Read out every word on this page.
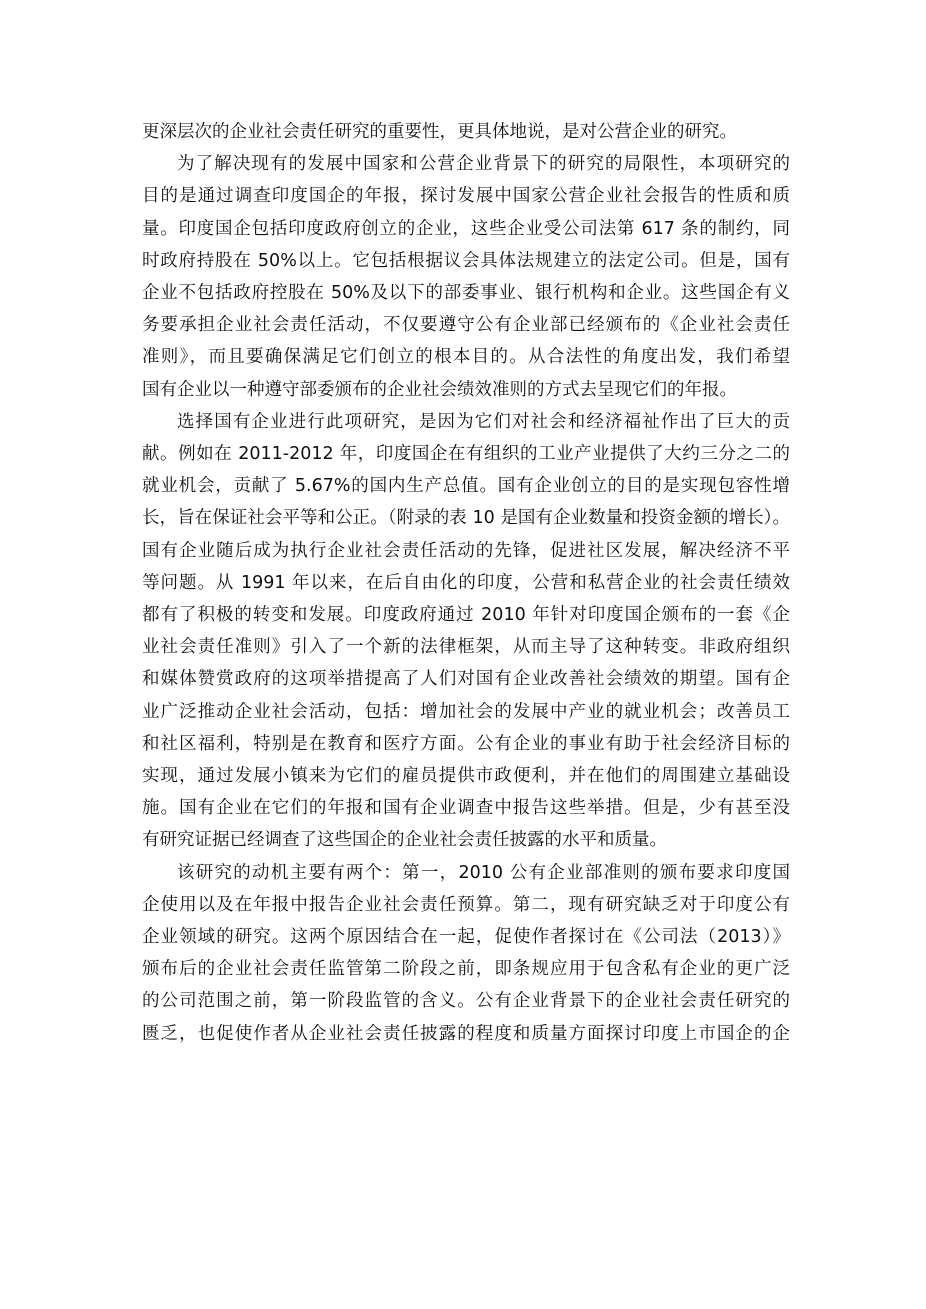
更深层次的企业社会责任研究的重要性，更具体地说，是对公营企业的研究。

为了解决现有的发展中国家和公营企业背景下的研究的局限性，本项研究的
目的是通过调查印度国企的年报，探讨发展中国家公营企业社会报告的性质和质
量。印度国企包括印度政府创立的企业，这些企业受公司法第 617 条的制约，同
时政府持股在 50%以上。它包括根据议会具体法规建立的法定公司。但是，国有
企业不包括政府控股在 50%及以下的部委事业、银行机构和企业。这些国企有义
务要承担企业社会责任活动，不仅要遵守公有企业部已经颁布的《企业社会责任
准则》，而且要确保满足它们创立的根本目的。从合法性的角度出发，我们希望
国有企业以一种遵守部委颁布的企业社会绩效准则的方式去呈现它们的年报。

选择国有企业进行此项研究，是因为它们对社会和经济福祉作出了巨大的贡
献。例如在 2011-2012 年，印度国企在有组织的工业产业提供了大约三分之二的
就业机会，贡献了 5.67%的国内生产总值。国有企业创立的目的是实现包容性增
长，旨在保证社会平等和公正。（附录的表 10 是国有企业数量和投资金额的增长）。
国有企业随后成为执行企业社会责任活动的先锋，促进社区发展，解决经济不平
等问题。从 1991 年以来，在后自由化的印度，公营和私营企业的社会责任绩效
都有了积极的转变和发展。印度政府通过 2010 年针对印度国企颁布的一套《企
业社会责任准则》引入了一个新的法律框架，从而主导了这种转变。非政府组织
和媒体赞赏政府的这项举措提高了人们对国有企业改善社会绩效的期望。国有企
业广泛推动企业社会活动，包括：增加社会的发展中产业的就业机会；改善员工
和社区福利，特别是在教育和医疗方面。公有企业的事业有助于社会经济目标的
实现，通过发展小镇来为它们的雇员提供市政便利，并在他们的周围建立基础设
施。国有企业在它们的年报和国有企业调查中报告这些举措。但是，少有甚至没
有研究证据已经调查了这些国企的企业社会责任披露的水平和质量。

该研究的动机主要有两个：第一，2010 公有企业部准则的颁布要求印度国
企使用以及在年报中报告企业社会责任预算。第二，现有研究缺乏对于印度公有
企业领域的研究。这两个原因结合在一起，促使作者探讨在《公司法（2013）》
颁布后的企业社会责任监管第二阶段之前，即条规应用于包含私有企业的更广泛
的公司范围之前，第一阶段监管的含义。公有企业背景下的企业社会责任研究的
匮乏，也促使作者从企业社会责任披露的程度和质量方面探讨印度上市国企的企
